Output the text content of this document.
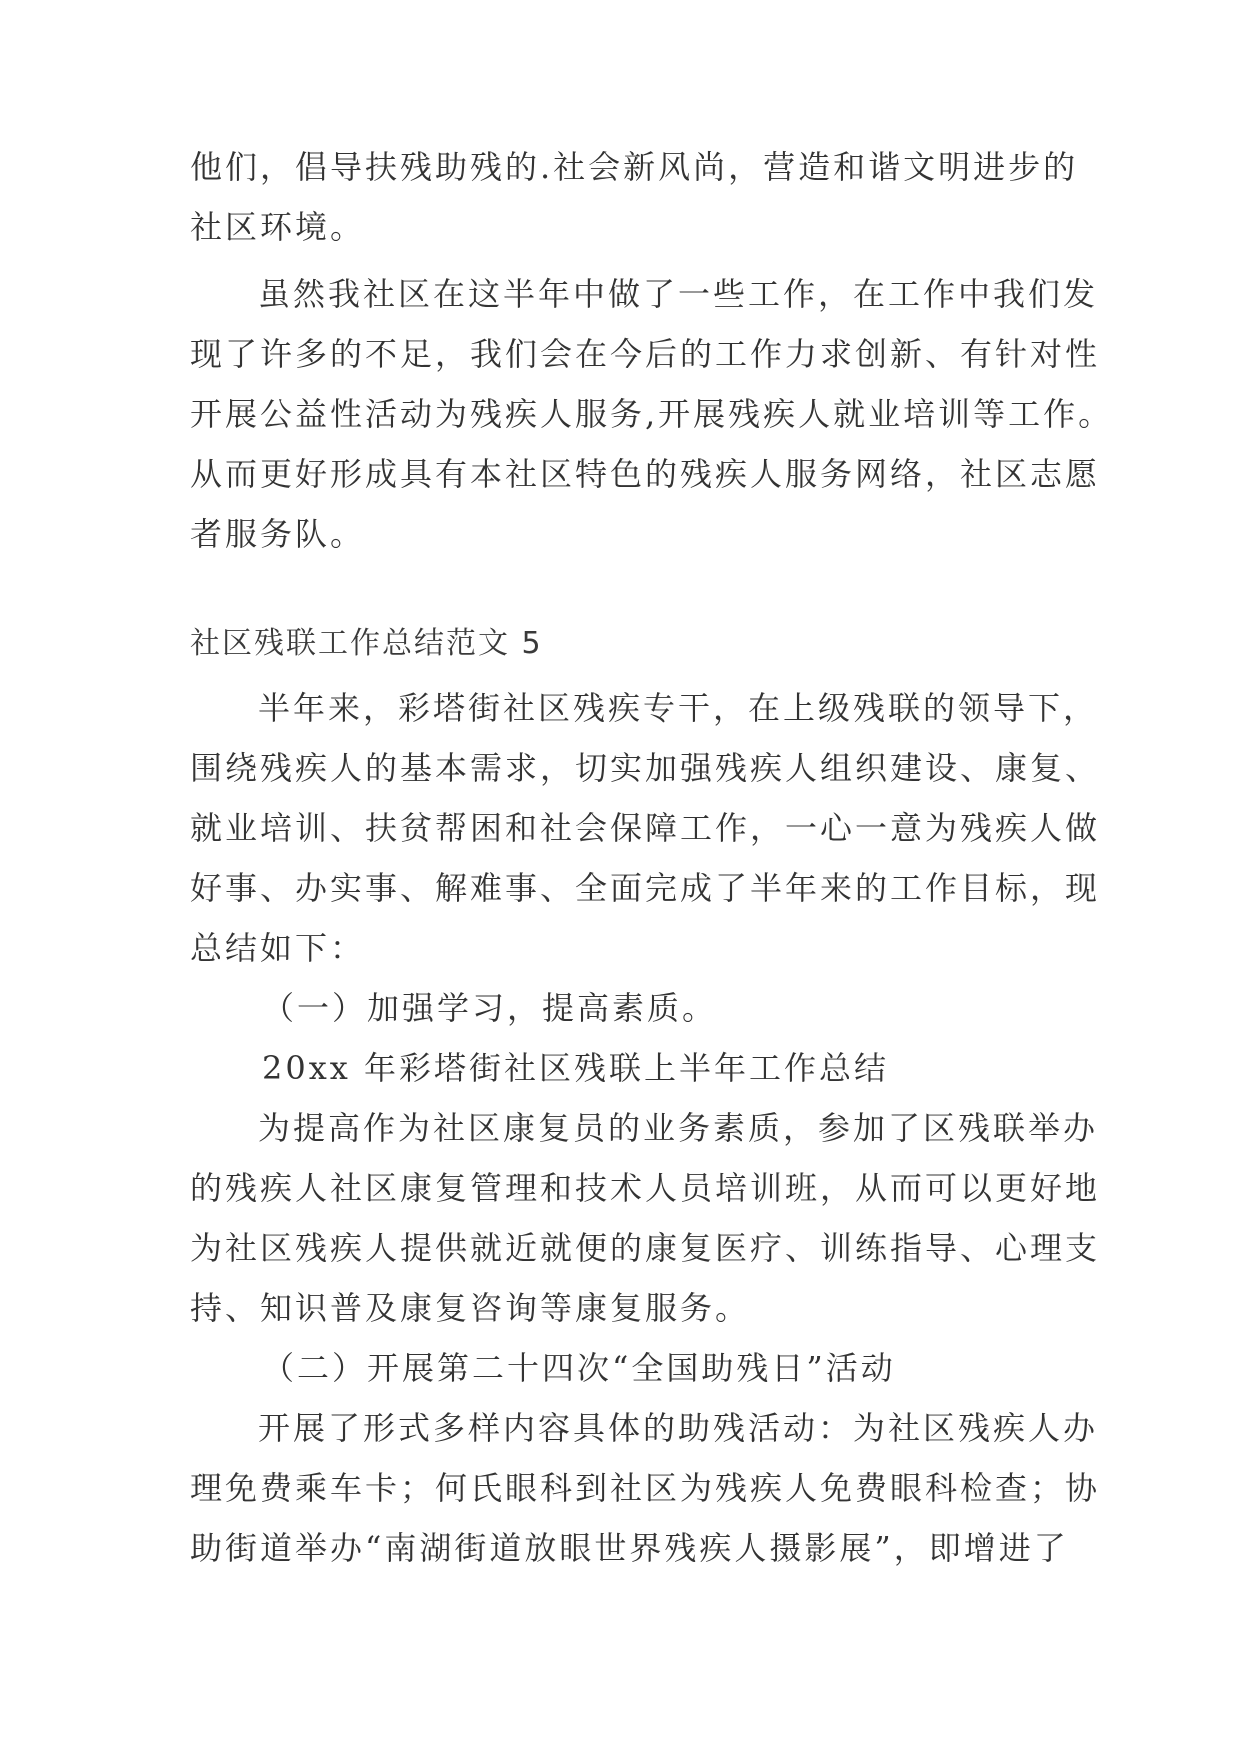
他们，倡导扶残助残的.社会新风尚，营造和谐文明进步的
社区环境。
虽然我社区在这半年中做了一些工作，在工作中我们发
现了许多的不足，我们会在今后的工作力求创新、有针对性
开展公益性活动为残疾人服务,开展残疾人就业培训等工作。
从而更好形成具有本社区特色的残疾人服务网络，社区志愿
者服务队。
社区残联工作总结范文 5
半年来，彩塔街社区残疾专干，在上级残联的领导下，
围绕残疾人的基本需求，切实加强残疾人组织建设、康复、
就业培训、扶贫帮困和社会保障工作，一心一意为残疾人做
好事、办实事、解难事、全面完成了半年来的工作目标，现
总结如下：
（一）加强学习，提高素质。
20xx 年彩塔街社区残联上半年工作总结
为提高作为社区康复员的业务素质，参加了区残联举办
的残疾人社区康复管理和技术人员培训班，从而可以更好地
为社区残疾人提供就近就便的康复医疗、训练指导、心理支
持、知识普及康复咨询等康复服务。
（二）开展第二十四次“全国助残日”活动
开展了形式多样内容具体的助残活动：为社区残疾人办
理免费乘车卡；何氏眼科到社区为残疾人免费眼科检查；协
助街道举办“南湖街道放眼世界残疾人摄影展”，即增进了
